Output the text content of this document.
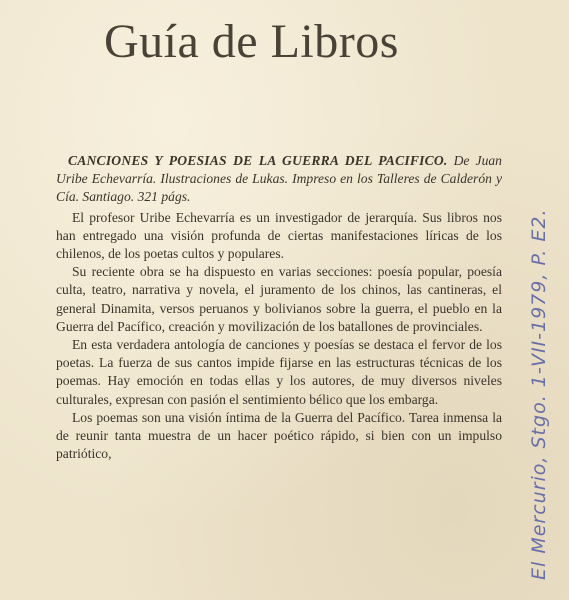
Guía de Libros

CANCIONES Y POESIAS DE LA GUERRA DEL PACIFICO. De Juan Uribe Echevarría. Ilustraciones de Lukas. Impreso en los Talleres de Calderón y Cía. Santiago. 321 págs.

El profesor Uribe Echevarría es un investigador de jerarquía. Sus libros nos han entregado una visión profunda de ciertas manifestaciones líricas de los chilenos, de los poetas cultos y populares.

Su reciente obra se ha dispuesto en varias secciones: poesía popular, poesía culta, teatro, narrativa y novela, el juramento de los chinos, las cantineras, el general Dinamita, versos peruanos y bolivianos sobre la guerra, el pueblo en la Guerra del Pacífico, creación y movilización de los batallones de provinciales.

En esta verdadera antología de canciones y poesías se destaca el fervor de los poetas. La fuerza de sus cantos impide fijarse en las estructuras técnicas de los poemas. Hay emoción en todas ellas y los autores, de muy diversos niveles culturales, expresan con pasión el sentimiento bélico que los embarga.

Los poemas son una visión íntima de la Guerra del Pacífico. Tarea inmensa la de reunir tanta muestra de un hacer poético rápido, si bien con un impulso patriótico,	El Mercurio, Stgo. 1-VII-1979, P. E2.
